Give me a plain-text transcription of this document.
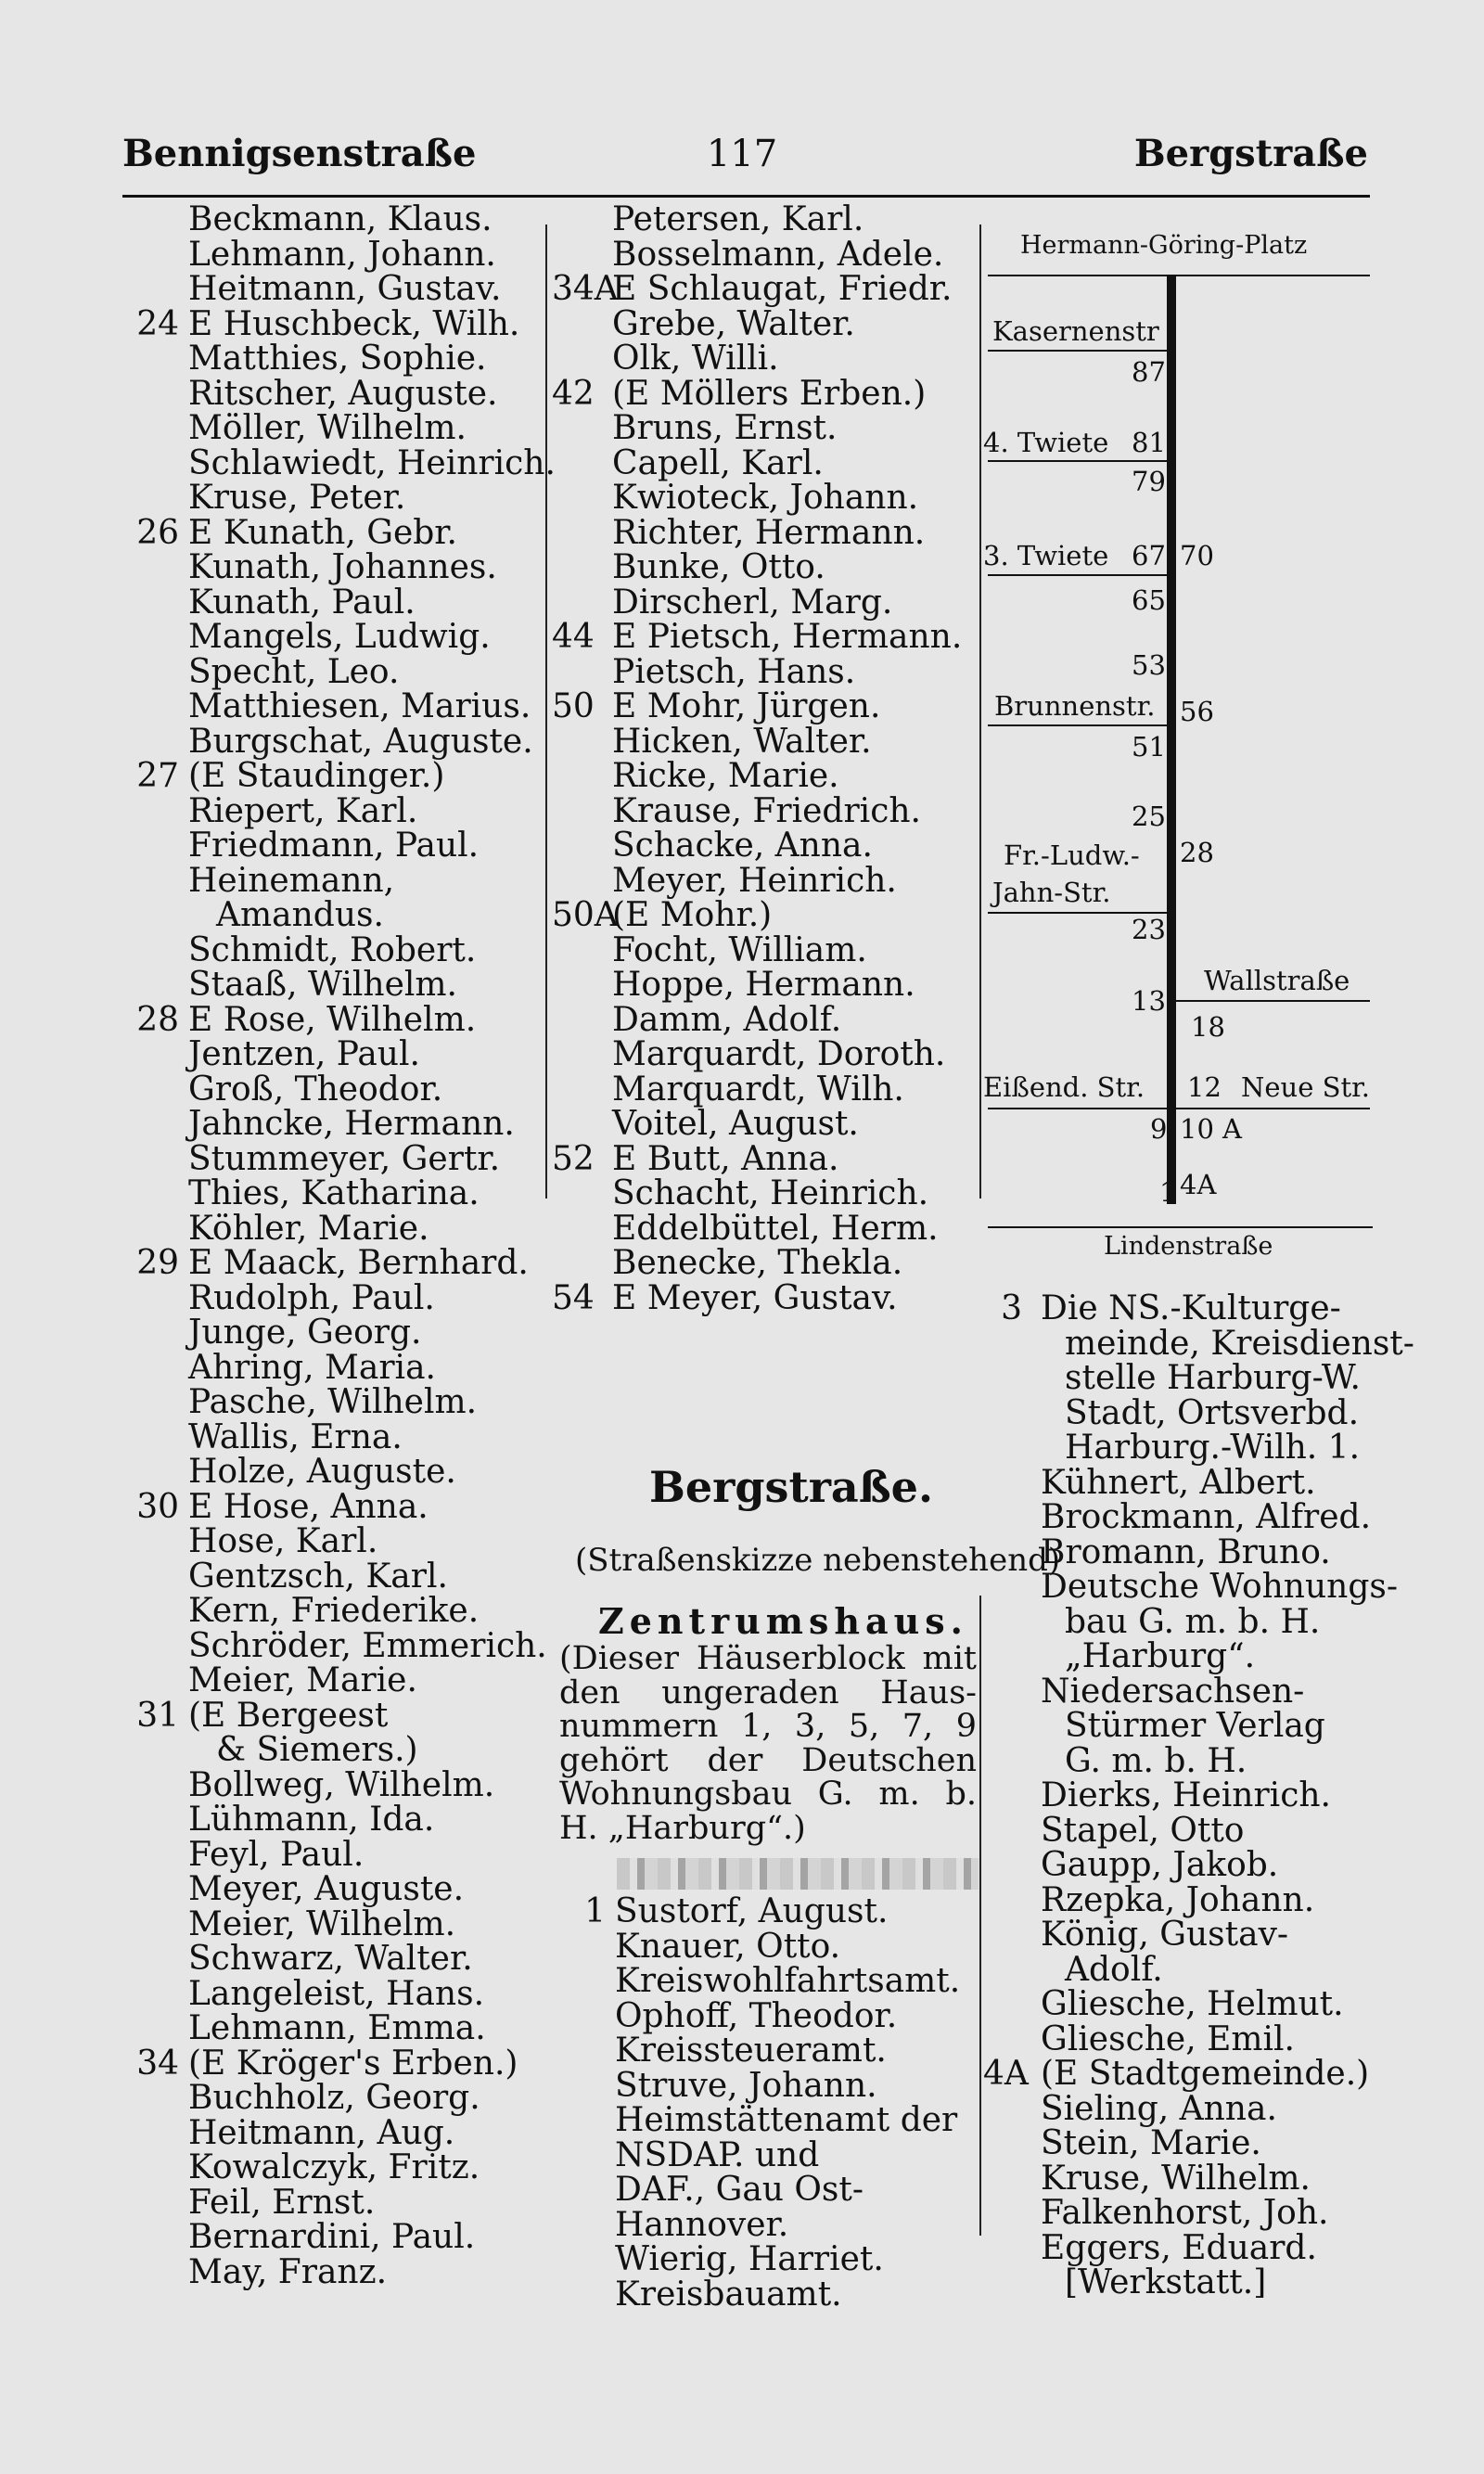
Bennigsenstraße	117	Bergstraße
Beckmann, Klaus.
Lehmann, Johann.
Heitmann, Gustav.
24 E Huschbeck, Wilh.
Matthies, Sophie.
Ritscher, Auguste.
Möller, Wilhelm.
Schlawiedt, Heinrich.
Kruse, Peter.
26 E Kunath, Gebr.
Kunath, Johannes.
Kunath, Paul.
Mangels, Ludwig.
Specht, Leo.
Matthiesen, Marius.
Burgschat, Auguste.
27 (E Staudinger.)
Riepert, Karl.
Friedmann, Paul.
Heinemann,
Amandus.
Schmidt, Robert.
Staaß, Wilhelm.
28 E Rose, Wilhelm.
Jentzen, Paul.
Groß, Theodor.
Jahncke, Hermann.
Stummeyer, Gertr.
Thies, Katharina.
Köhler, Marie.
29 E Maack, Bernhard.
Rudolph, Paul.
Junge, Georg.
Ahring, Maria.
Pasche, Wilhelm.
Wallis, Erna.
Holze, Auguste.
30 E Hose, Anna.
Hose, Karl.
Gentzsch, Karl.
Kern, Friederike.
Schröder, Emmerich.
Meier, Marie.
31 (E Bergeest
& Siemers.)
Bollweg, Wilhelm.
Lühmann, Ida.
Feyl, Paul.
Meyer, Auguste.
Meier, Wilhelm.
Schwarz, Walter.
Langeleist, Hans.
Lehmann, Emma.
34 (E Kröger's Erben.)
Buchholz, Georg.
Heitmann, Aug.
Kowalczyk, Fritz.
Feil, Ernst.
Bernardini, Paul.
May, Franz.
Petersen, Karl.
Bosselmann, Adele.
34A
E Schlaugat, Friedr.
Grebe, Walter.
Olk, Willi.
42 (E Möllers Erben.)
Bruns, Ernst.
Capell, Karl.
Kwioteck, Johann.
Richter, Hermann.
Bunke, Otto.
Dirscherl, Marg.
44 E Pietsch, Hermann.
Pietsch, Hans.
50 E Mohr, Jürgen.
Hicken, Walter.
Ricke, Marie.
Krause, Friedrich.
Schacke, Anna.
Meyer, Heinrich.
50A
(E Mohr.)
Focht, William.
Hoppe, Hermann.
Damm, Adolf.
Marquardt, Doroth.
Marquardt, Wilh.
Voitel, August.
52 E Butt, Anna.
Schacht, Heinrich.
Eddelbüttel, Herm.
Benecke, Thekla.
54 E Meyer, Gustav.
Bergstraße.
(Straßenskizze nebenstehend)
Zentrumshaus.

(Dieser Häuserblock mit

den ungeraden Haus-

nummern 1, 3, 5, 7, 9

gehört der Deutschen

Wohnungsbau G. m. b.

H. „Harburg“.)

1 Sustorf, August.
Knauer, Otto.
Kreiswohlfahrtsamt.
Ophoff, Theodor.
Kreissteueramt.
Struve, Johann.
Heimstättenamt der
NSDAP. und
DAF., Gau Ost-
Hannover.
Wierig, Harriet.
Kreisbauamt.
3 Die NS.-Kulturge-
meinde, Kreisdienst-
stelle Harburg-W.
Stadt, Ortsverbd.
Harburg.-Wilh. 1.
Kühnert, Albert.
Brockmann, Alfred.
Bromann, Bruno.
Deutsche Wohnungs-
bau G. m. b. H.
„Harburg“.
Niedersachsen-
Stürmer Verlag
G. m. b. H.
Dierks, Heinrich.
Stapel, Otto
Gaupp, Jakob.
Rzepka, Johann.
König, Gustav-
Adolf.
Gliesche, Helmut.
Gliesche, Emil.
4A (E Stadtgemeinde.)
Sieling, Anna.
Stein, Marie.
Kruse, Wilhelm.
Falkenhorst, Joh.
Eggers, Eduard.
[Werkstatt.]
Hermann-Göring-Platz
Kasernenstr
87
4. Twiete 81
79
3. Twiete 67 70
65
53
Brunnenstr. 56
51
25
Fr.-Ludw.- 28
Jahn-Str.
23
Wallstraße
13
18
Eißend. Str. 12 Neue Str.
9 10 A
1 4A
Lindenstraße
